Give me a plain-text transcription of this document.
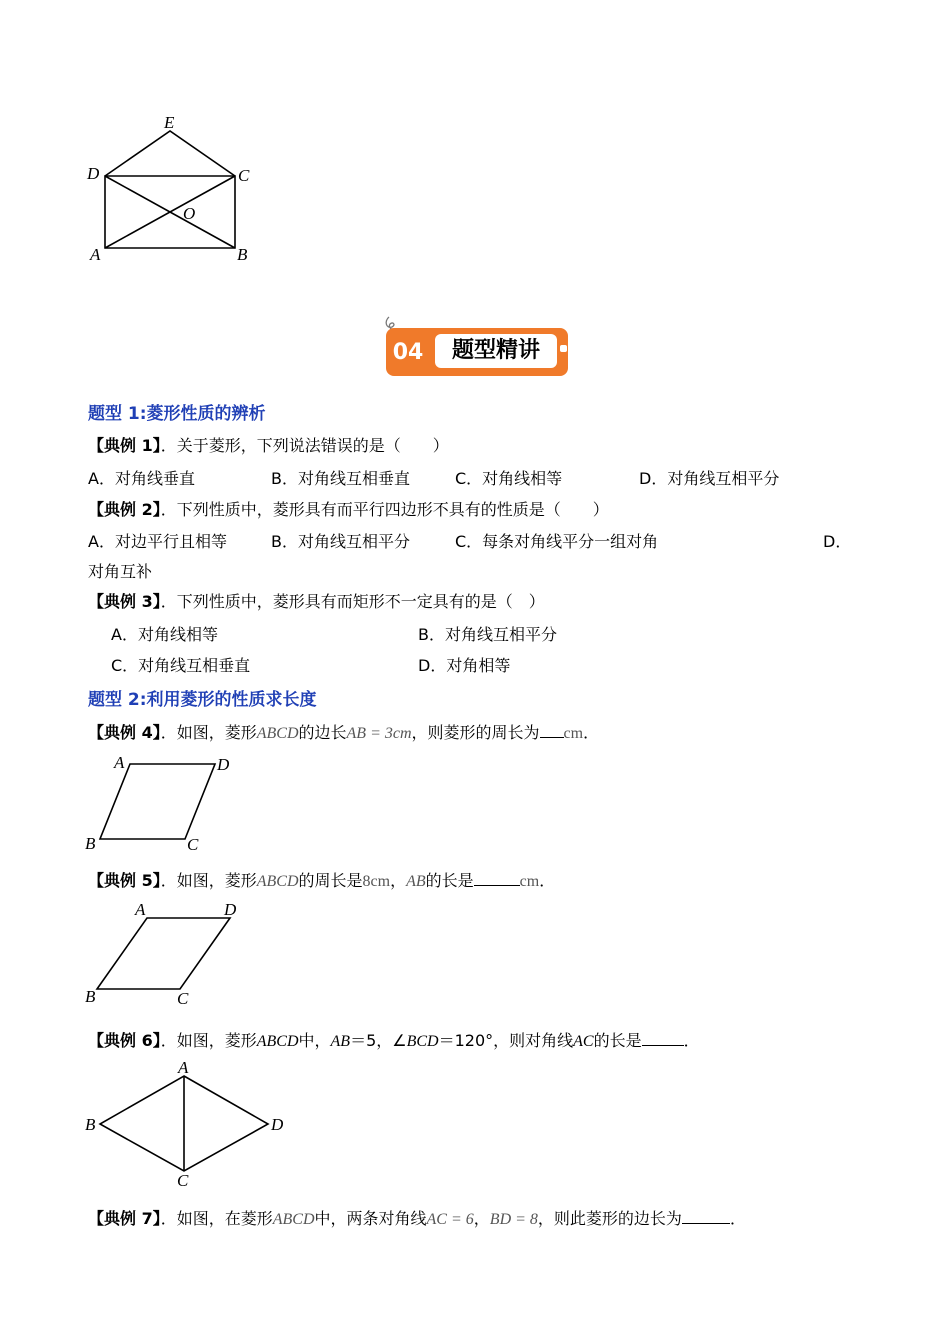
E
D	C
O
A	B
04	题型精讲
题型 1:菱形性质的辨析
【典例 1】．关于菱形，下列说法错误的是（　　）
A．对角线垂直	B．对角线互相垂直	C．对角线相等	D．对角线互相平分
【典例 2】．下列性质中，菱形具有而平行四边形不具有的性质是（　　）
A．对边平行且相等	B．对角线互相平分	C．每条对角线平分一组对角	D．
对角互补
【典例 3】．下列性质中，菱形具有而矩形不一定具有的是（　）
A．对角线相等	B．对角线互相平分
C．对角线互相垂直	D．对角相等
题型 2:利用菱形的性质求长度
【典例 4】．如图，菱形ABCD的边长AB = 3cm，则菱形的周长为 cm．
A	D
B	C
【典例 5】．如图，菱形ABCD的周长是8cm，AB的长是	cm．
A	D
B	C
【典例 6】．如图，菱形ABCD中，AB＝5，∠BCD＝120°，则对角线AC的长是	．
A
B	D
C
【典例 7】．如图，在菱形ABCD中，两条对角线AC = 6，BD = 8，则此菱形的边长为	．
